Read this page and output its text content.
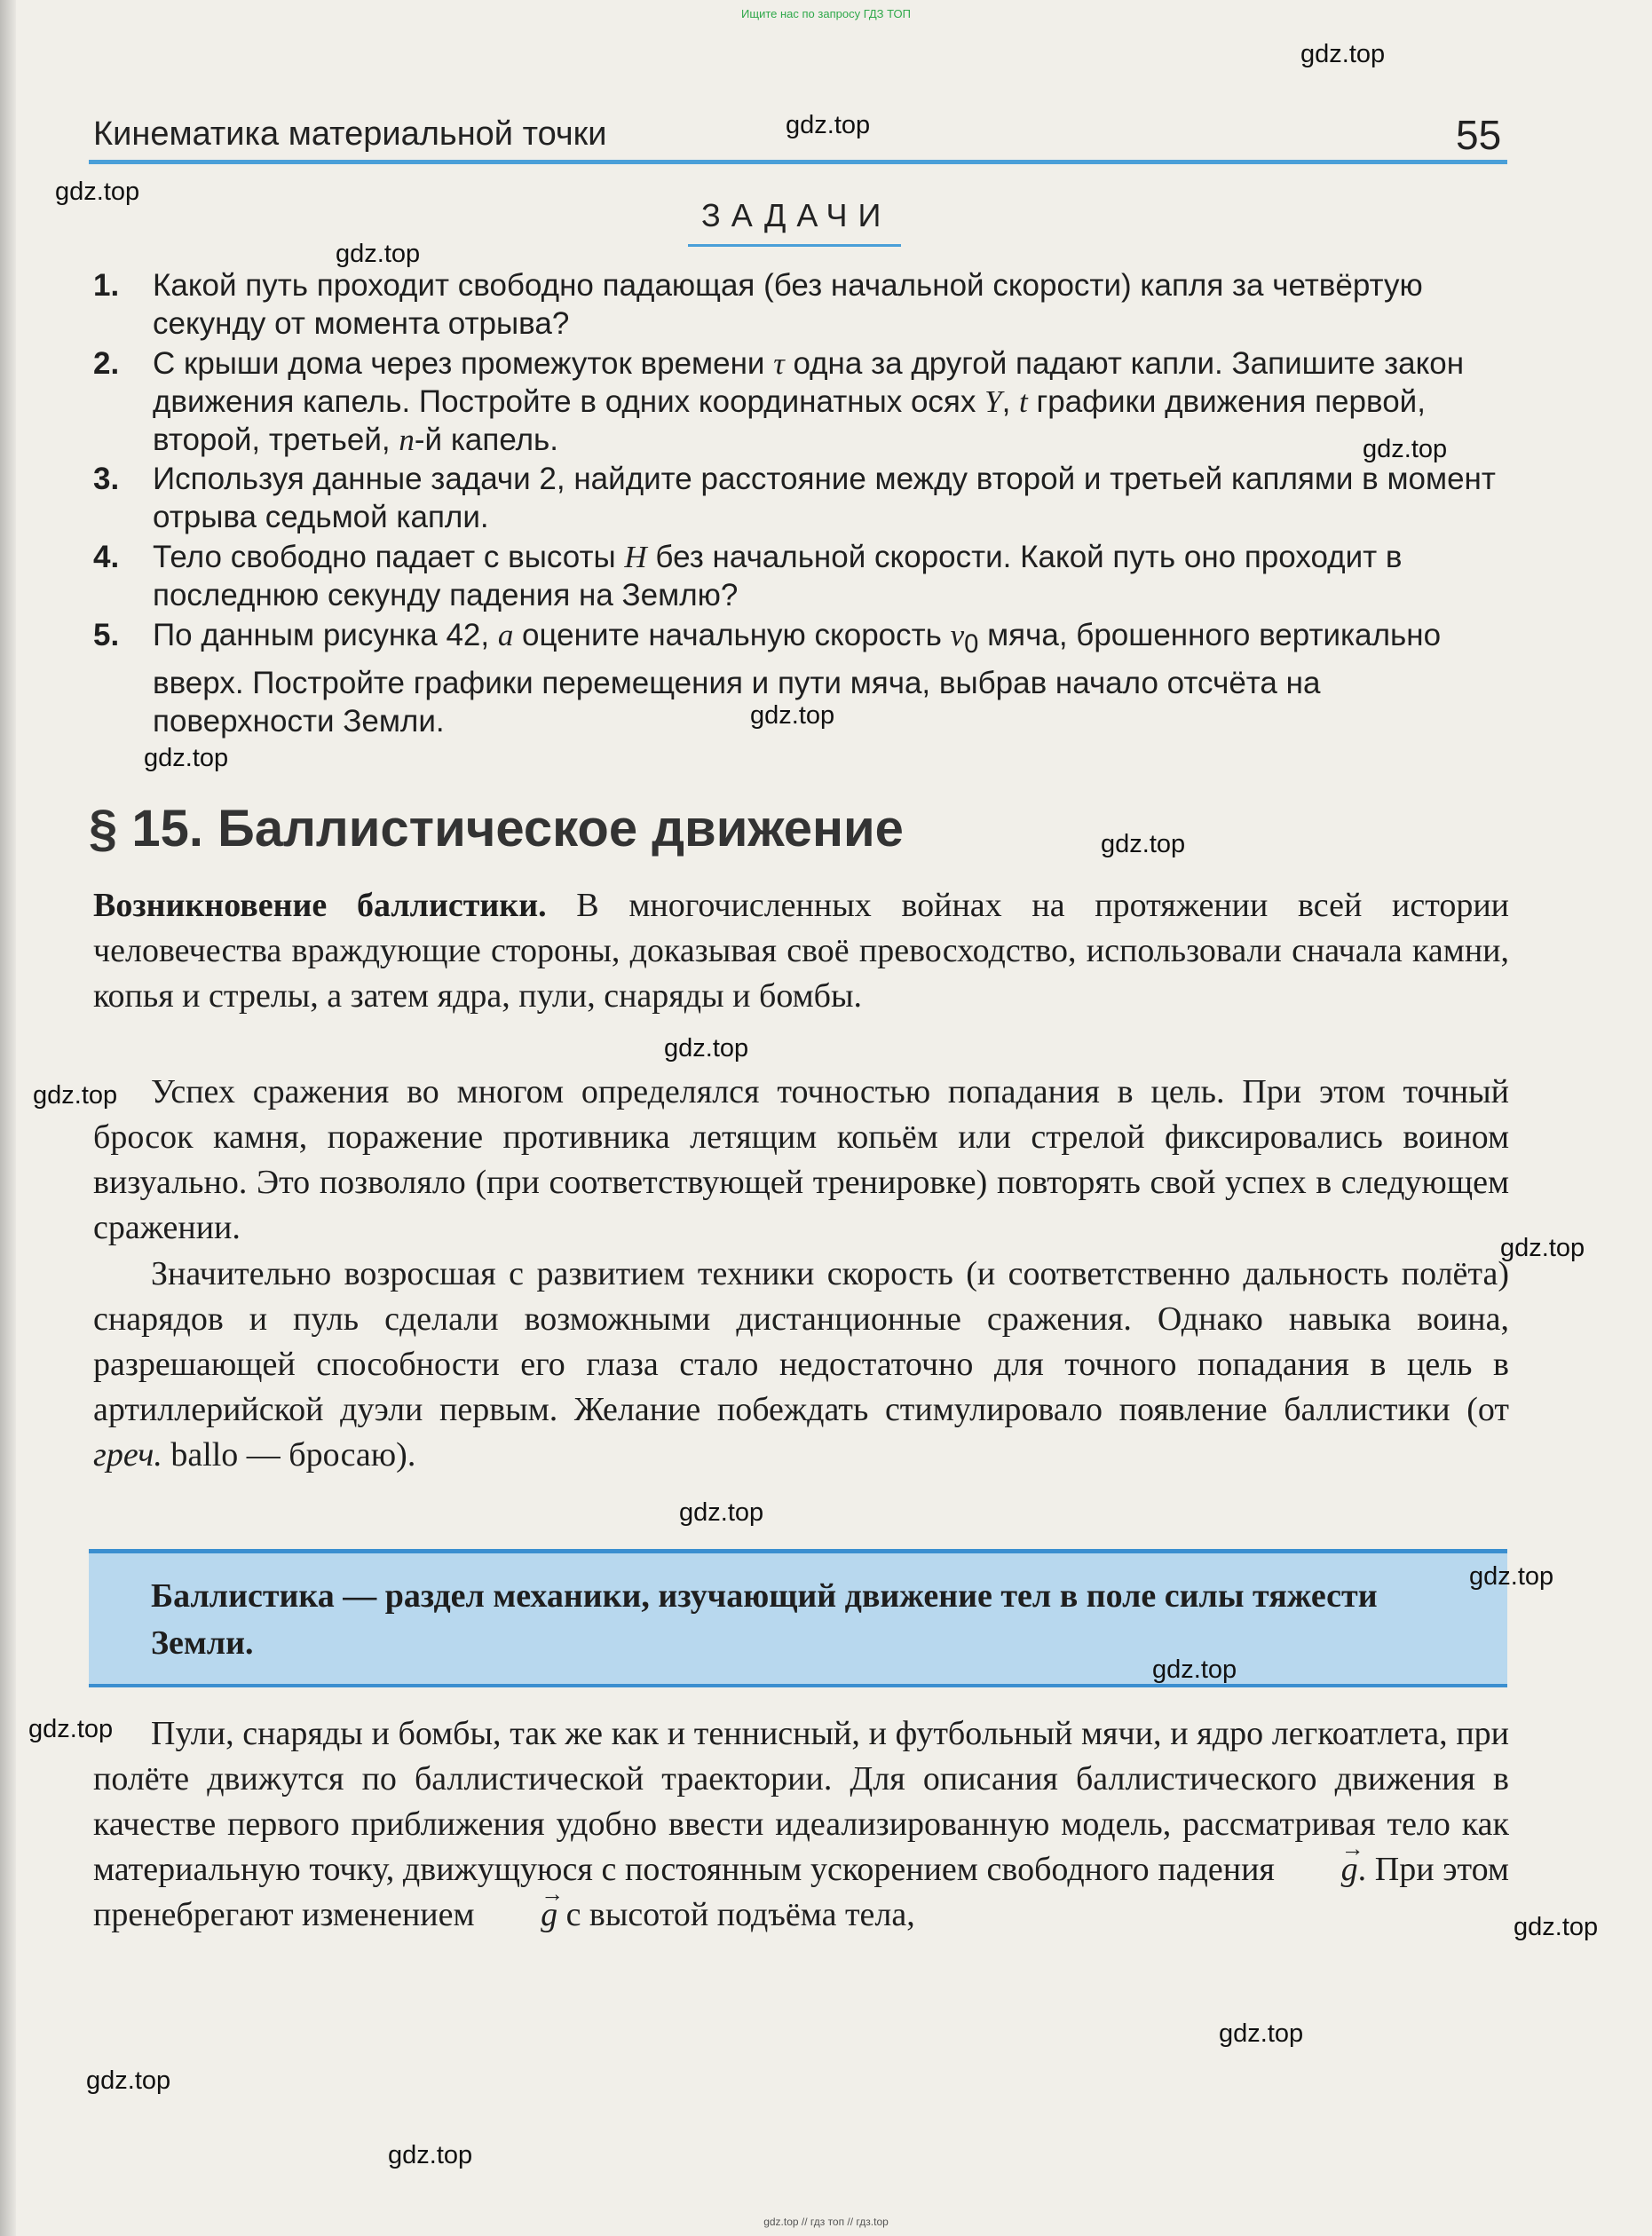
Ищите нас по запросу ГДЗ ТОП
Кинематика материальной точки	55
ЗАДАЧИ
1. Какой путь проходит свободно падающая (без начальной скорости) капля за четвёртую секунду от момента отрыва?
2. С крыши дома через промежуток времени τ одна за другой падают капли. Запишите закон движения капель. Постройте в одних координатных осях Y, t графики движения первой, второй, третьей, n-й капель.
3. Используя данные задачи 2, найдите расстояние между второй и третьей каплями в момент отрыва седьмой капли.
4. Тело свободно падает с высоты H без начальной скорости. Какой путь оно проходит в последнюю секунду падения на Землю?
5. По данным рисунка 42, a оцените начальную скорость $v_0$ мяча, брошенного вертикально вверх. Постройте графики перемещения и пути мяча, выбрав начало отсчёта на поверхности Земли.
§ 15. Баллистическое движение
Возникновение баллистики. В многочисленных войнах на протяжении всей истории человечества враждующие стороны, доказывая своё превосходство, использовали сначала камни, копья и стрелы, а затем ядра, пули, снаряды и бомбы.
Успех сражения во многом определялся точностью попадания в цель. При этом точный бросок камня, поражение противника летящим копьём или стрелой фиксировались воином визуально. Это позволяло (при соответствующей тренировке) повторять свой успех в следующем сражении.
Значительно возросшая с развитием техники скорость (и соответственно дальность полёта) снарядов и пуль сделали возможными дистанционные сражения. Однако навыка воина, разрешающей способности его глаза стало недостаточно для точного попадания в цель в артиллерийской дуэли первым. Желание побеждать стимулировало появление баллистики (от греч. ballo — бросаю).
Баллистика — раздел механики, изучающий движение тел в поле силы тяжести Земли.
Пули, снаряды и бомбы, так же как и теннисный, и футбольный мячи, и ядро легкоатлета, при полёте движутся по баллистической траектории. Для описания баллистического движения в качестве первого приближения удобно ввести идеализированную модель, рассматривая тело как материальную точку, движущуюся с постоянным ускорением свободного падения → g. При этом пренебрегают изменением → g с высотой подъёма тела,
gdz.top
gdz.top
gdz.top
gdz.top
gdz.top
gdz.top
gdz.top
gdz.top
gdz.top
gdz.top
gdz.top
gdz.top
gdz.top
gdz.top
gdz.top
gdz.top
gdz.top
gdz.top
gdz.top
gdz.top // гдз топ // гдз.top
